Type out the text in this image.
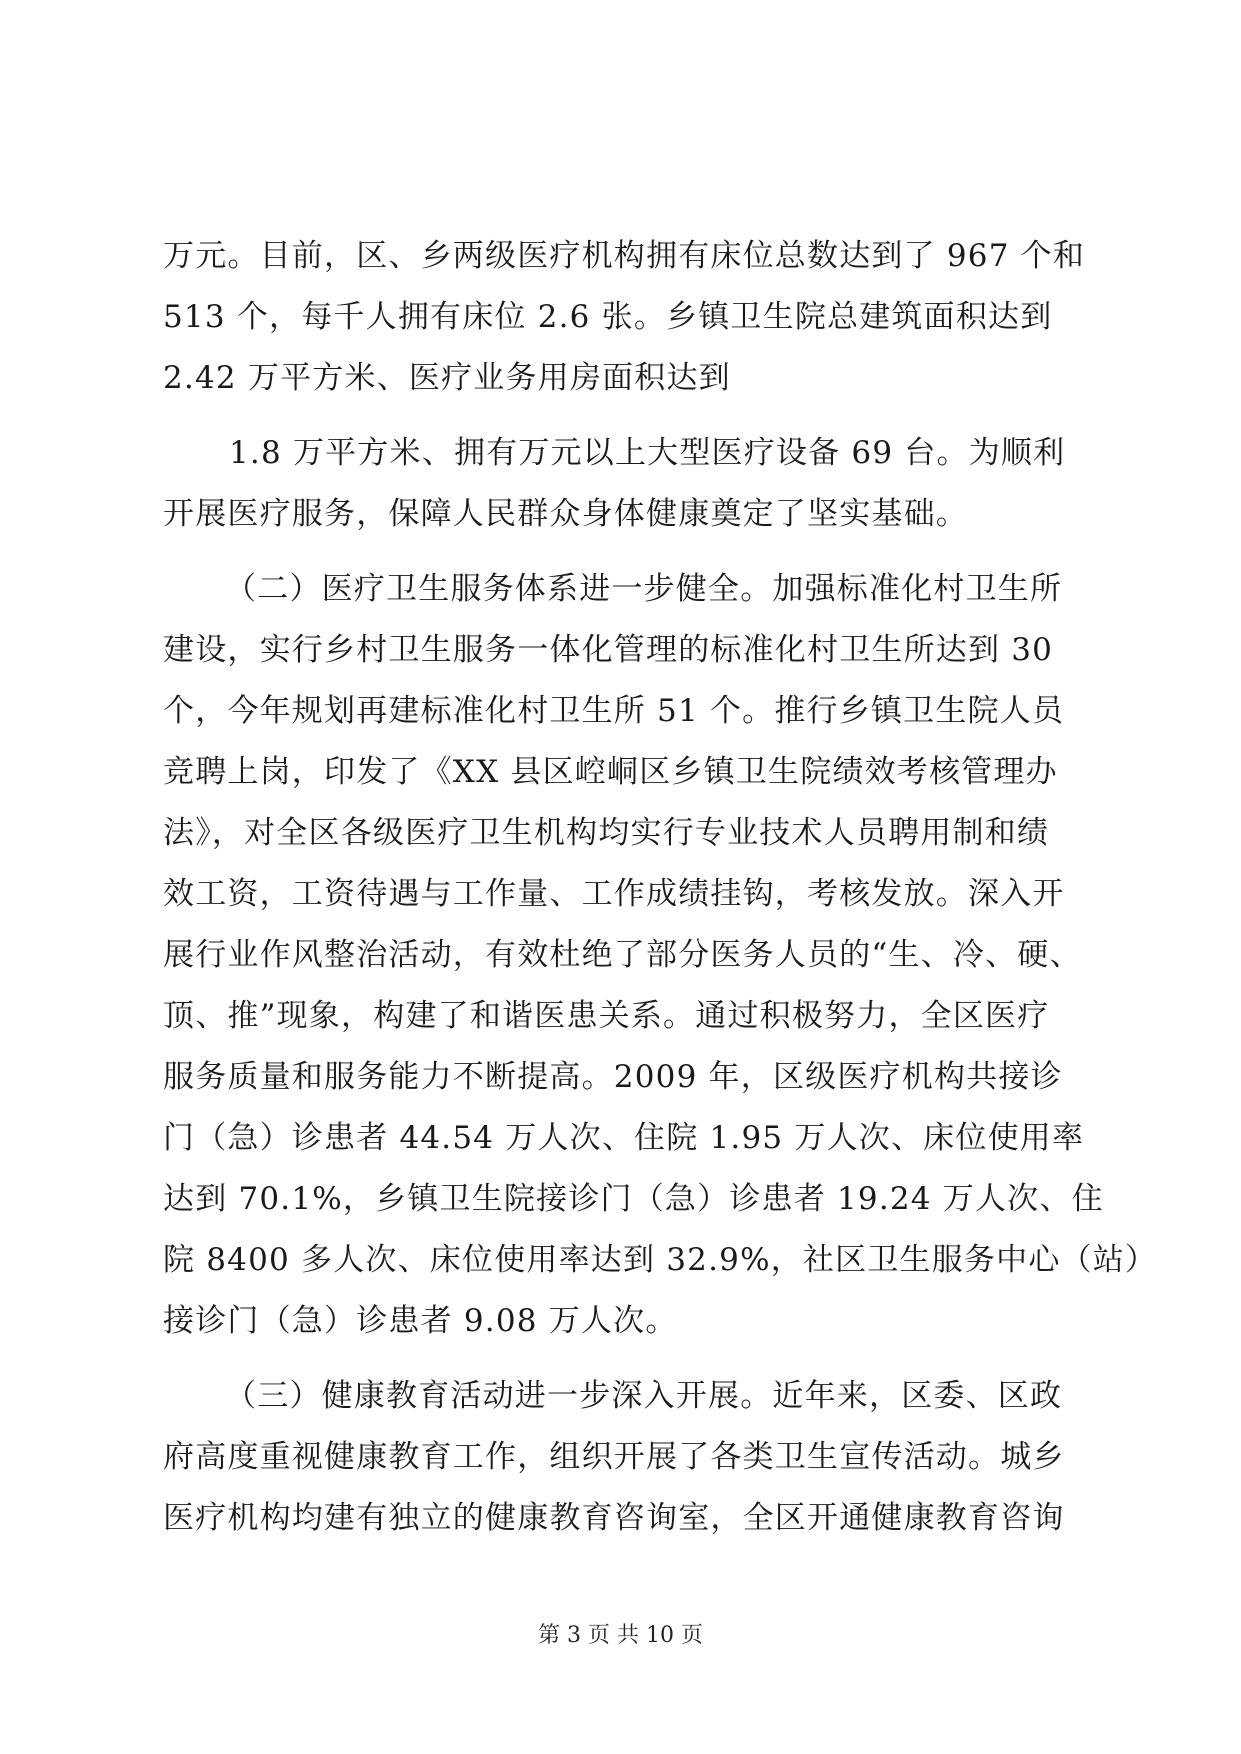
万元。目前，区、乡两级医疗机构拥有床位总数达到了 967 个和
513 个，每千人拥有床位 2.6 张。乡镇卫生院总建筑面积达到
2.42 万平方米、医疗业务用房面积达到
1.8 万平方米、拥有万元以上大型医疗设备 69 台。为顺利
开展医疗服务，保障人民群众身体健康奠定了坚实基础。
（二）医疗卫生服务体系进一步健全。加强标准化村卫生所
建设，实行乡村卫生服务一体化管理的标准化村卫生所达到 30
个，今年规划再建标准化村卫生所 51 个。推行乡镇卫生院人员
竞聘上岗，印发了《XX 县区崆峒区乡镇卫生院绩效考核管理办
法》，对全区各级医疗卫生机构均实行专业技术人员聘用制和绩
效工资，工资待遇与工作量、工作成绩挂钩，考核发放。深入开
展行业作风整治活动，有效杜绝了部分医务人员的“生、冷、硬、
顶、推”现象，构建了和谐医患关系。通过积极努力，全区医疗
服务质量和服务能力不断提高。2009 年，区级医疗机构共接诊
门（急）诊患者 44.54 万人次、住院 1.95 万人次、床位使用率
达到 70.1%，乡镇卫生院接诊门（急）诊患者 19.24 万人次、住
院 8400 多人次、床位使用率达到 32.9%，社区卫生服务中心（站）
接诊门（急）诊患者 9.08 万人次。
（三）健康教育活动进一步深入开展。近年来，区委、区政
府高度重视健康教育工作，组织开展了各类卫生宣传活动。城乡
医疗机构均建有独立的健康教育咨询室，全区开通健康教育咨询
第 3 页 共 10 页
